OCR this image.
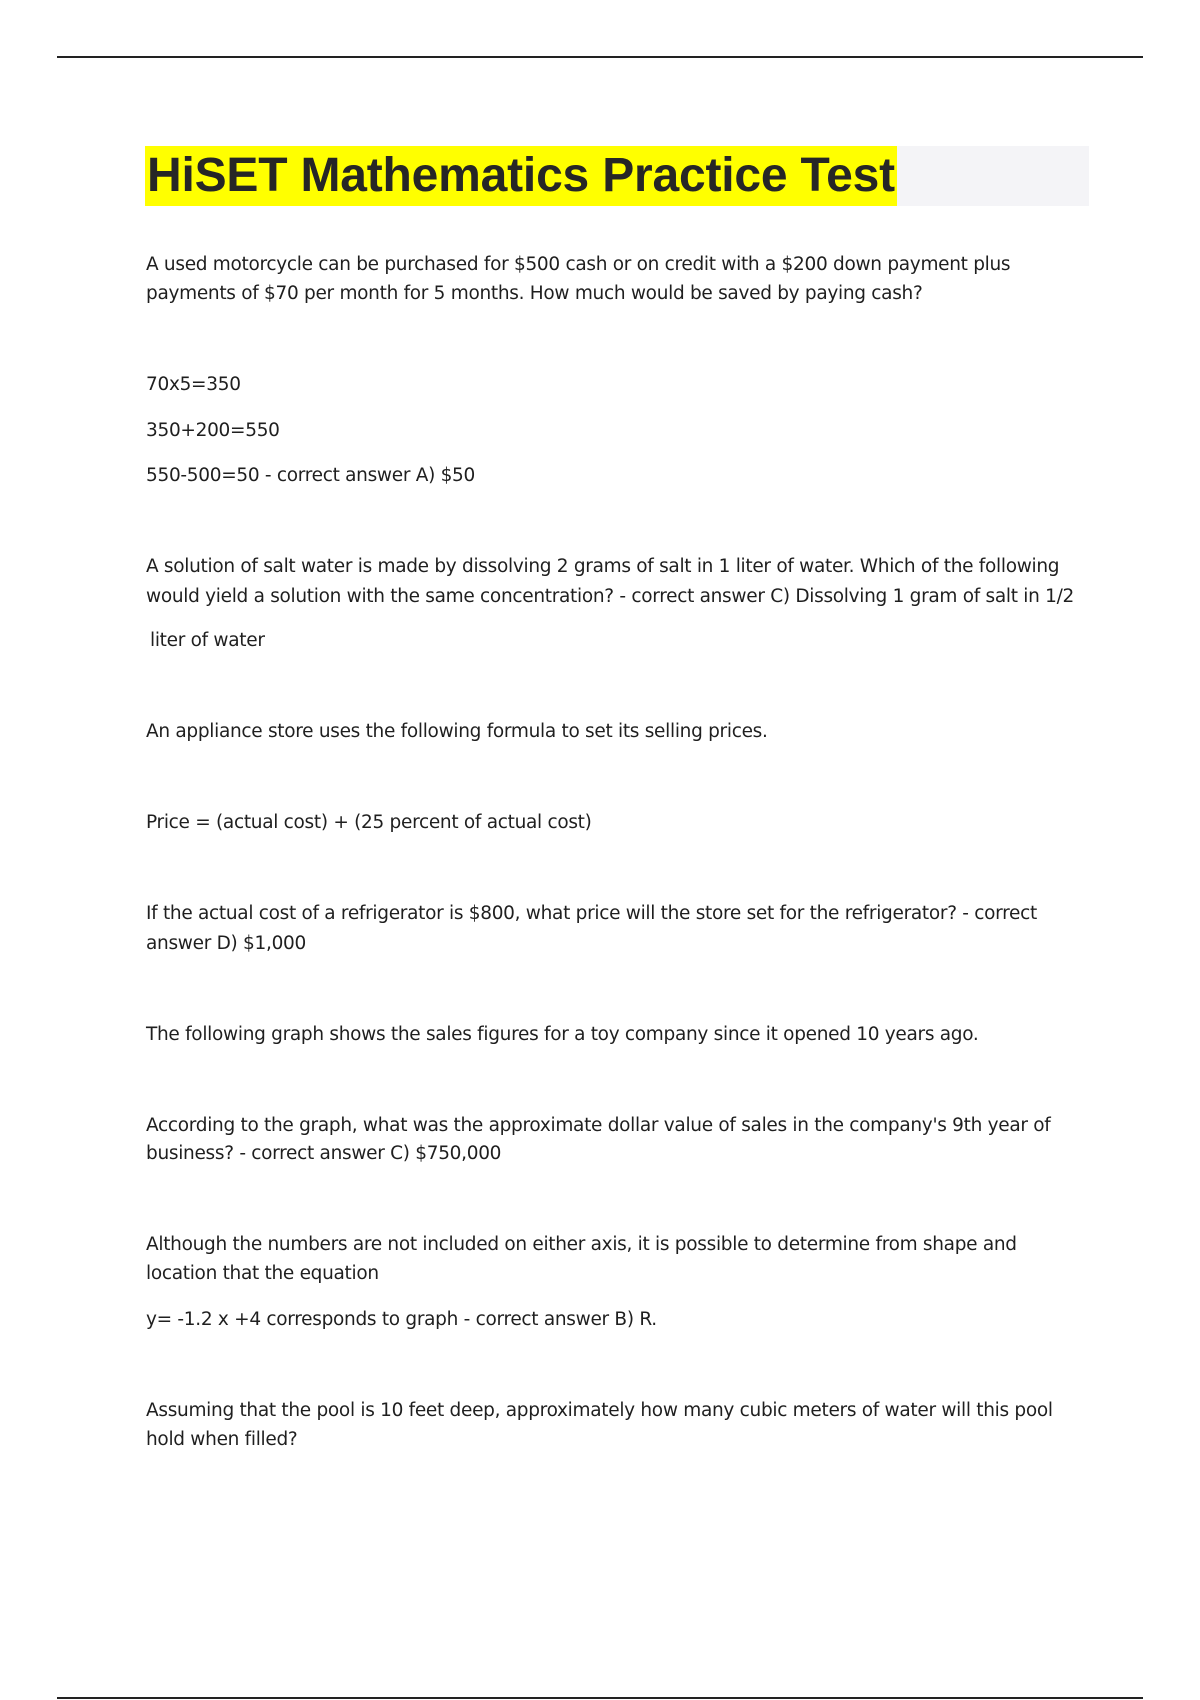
HiSET Mathematics Practice Test

A used motorcycle can be purchased for $500 cash or on credit with a $200 down payment plus

payments of $70 per month for 5 months. How much would be saved by paying cash?

70x5=350

350+200=550

550-500=50 - correct answer A) $50

A solution of salt water is made by dissolving 2 grams of salt in 1 liter of water. Which of the following

would yield a solution with the same concentration? - correct answer C) Dissolving 1 gram of salt in 1/2

liter of water

An appliance store uses the following formula to set its selling prices.

Price = (actual cost) + (25 percent of actual cost)

If the actual cost of a refrigerator is $800, what price will the store set for the refrigerator? - correct

answer D) $1,000

The following graph shows the sales figures for a toy company since it opened 10 years ago.

According to the graph, what was the approximate dollar value of sales in the company's 9th year of

business? - correct answer C) $750,000

Although the numbers are not included on either axis, it is possible to determine from shape and

location that the equation

y= -1.2 x +4 corresponds to graph - correct answer B) R.

Assuming that the pool is 10 feet deep, approximately how many cubic meters of water will this pool

hold when filled?
